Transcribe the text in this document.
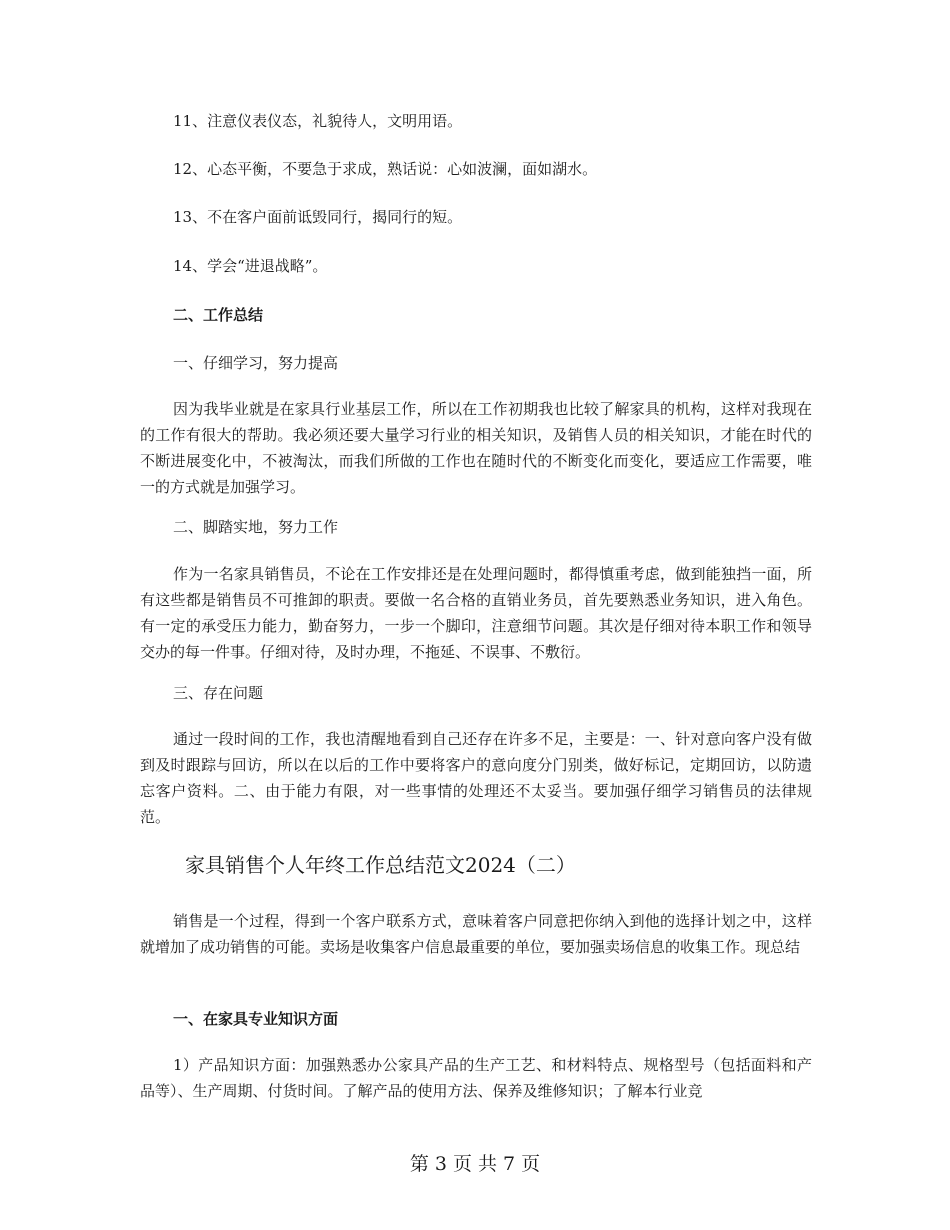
11、注意仪表仪态，礼貌待人，文明用语。
12、心态平衡，不要急于求成，熟话说：心如波澜，面如湖水。
13、不在客户面前诋毁同行，揭同行的短。
14、学会“进退战略”。
二、工作总结
一、仔细学习，努力提高

因为我毕业就是在家具行业基层工作，所以在工作初期我也比较了解家具的机构，这样对我现在的工作有很大的帮助。我必须还要大量学习行业的相关知识，及销售人员的相关知识，才能在时代的不断进展变化中，不被淘汰，而我们所做的工作也在随时代的不断变化而变化，要适应工作需要，唯一的方式就是加强学习。

二、脚踏实地，努力工作

作为一名家具销售员，不论在工作安排还是在处理问题时，都得慎重考虑，做到能独挡一面，所有这些都是销售员不可推卸的职责。要做一名合格的直销业务员，首先要熟悉业务知识，进入角色。有一定的承受压力能力，勤奋努力，一步一个脚印，注意细节问题。其次是仔细对待本职工作和领导交办的每一件事。仔细对待，及时办理，不拖延、不误事、不敷衍。

三、存在问题

通过一段时间的工作，我也清醒地看到自己还存在许多不足，主要是：一、针对意向客户没有做到及时跟踪与回访，所以在以后的工作中要将客户的意向度分门别类，做好标记，定期回访，以防遗忘客户资料。二、由于能力有限，对一些事情的处理还不太妥当。要加强仔细学习销售员的法律规范。

家具销售个人年终工作总结范文2024（二）

销售是一个过程，得到一个客户联系方式，意味着客户同意把你纳入到他的选择计划之中，这样就增加了成功销售的可能。卖场是收集客户信息最重要的单位，要加强卖场信息的收集工作。现总结

一、在家具专业知识方面

1）产品知识方面：加强熟悉办公家具产品的生产工艺、和材料特点、规格型号（包括面料和产品等）、生产周期、付货时间。了解产品的使用方法、保养及维修知识；了解本行业竞

第 3 页 共 7 页
